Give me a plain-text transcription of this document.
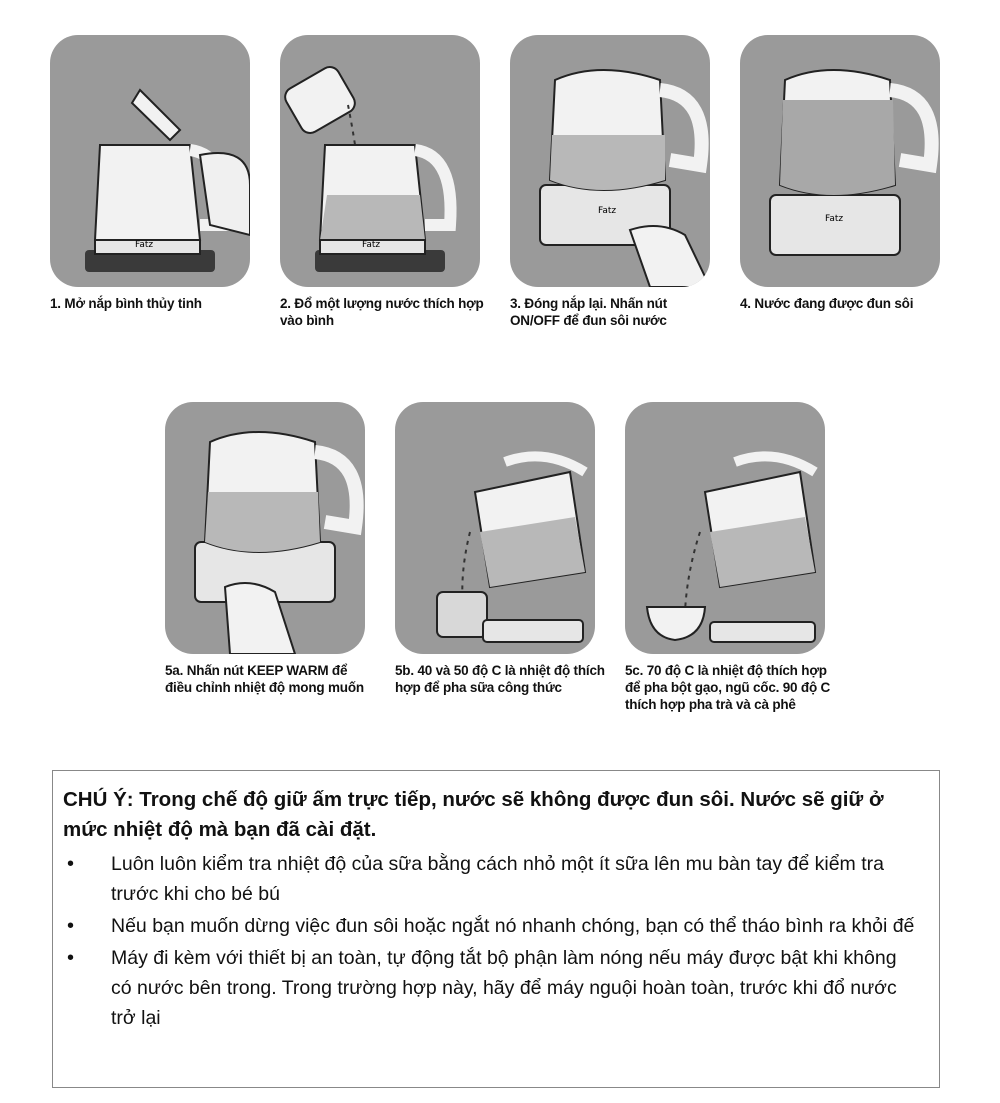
Fatz
1. Mở nắp bình thủy tinh
Fatz
2. Đổ một lượng nước thích hợp vào bình
Fatz
3. Đóng nắp lại. Nhấn nút ON/OFF để đun sôi nước
Fatz
4. Nước đang được đun sôi
5a. Nhấn nút KEEP WARM để điều chỉnh nhiệt độ mong muốn
5b. 40 và 50 độ C là nhiệt độ thích hợp để pha sữa công thức
5c. 70 độ C là nhiệt độ thích hợp để pha bột gạo, ngũ cốc. 90 độ C thích hợp pha trà và cà phê
CHÚ Ý: Trong chế độ giữ ấm trực tiếp, nước sẽ không được đun sôi. Nước sẽ giữ ở mức nhiệt độ mà bạn đã cài đặt.
• Luôn luôn kiểm tra nhiệt độ của sữa bằng cách nhỏ một ít sữa lên mu bàn tay để kiểm tra trước khi cho bé bú
• Nếu bạn muốn dừng việc đun sôi hoặc ngắt nó nhanh chóng, bạn có thể tháo bình ra khỏi đế
• Máy đi kèm với thiết bị an toàn, tự động tắt bộ phận làm nóng nếu máy được bật khi không có nước bên trong. Trong trường hợp này, hãy để máy nguội hoàn toàn, trước khi đổ nước trở lại
